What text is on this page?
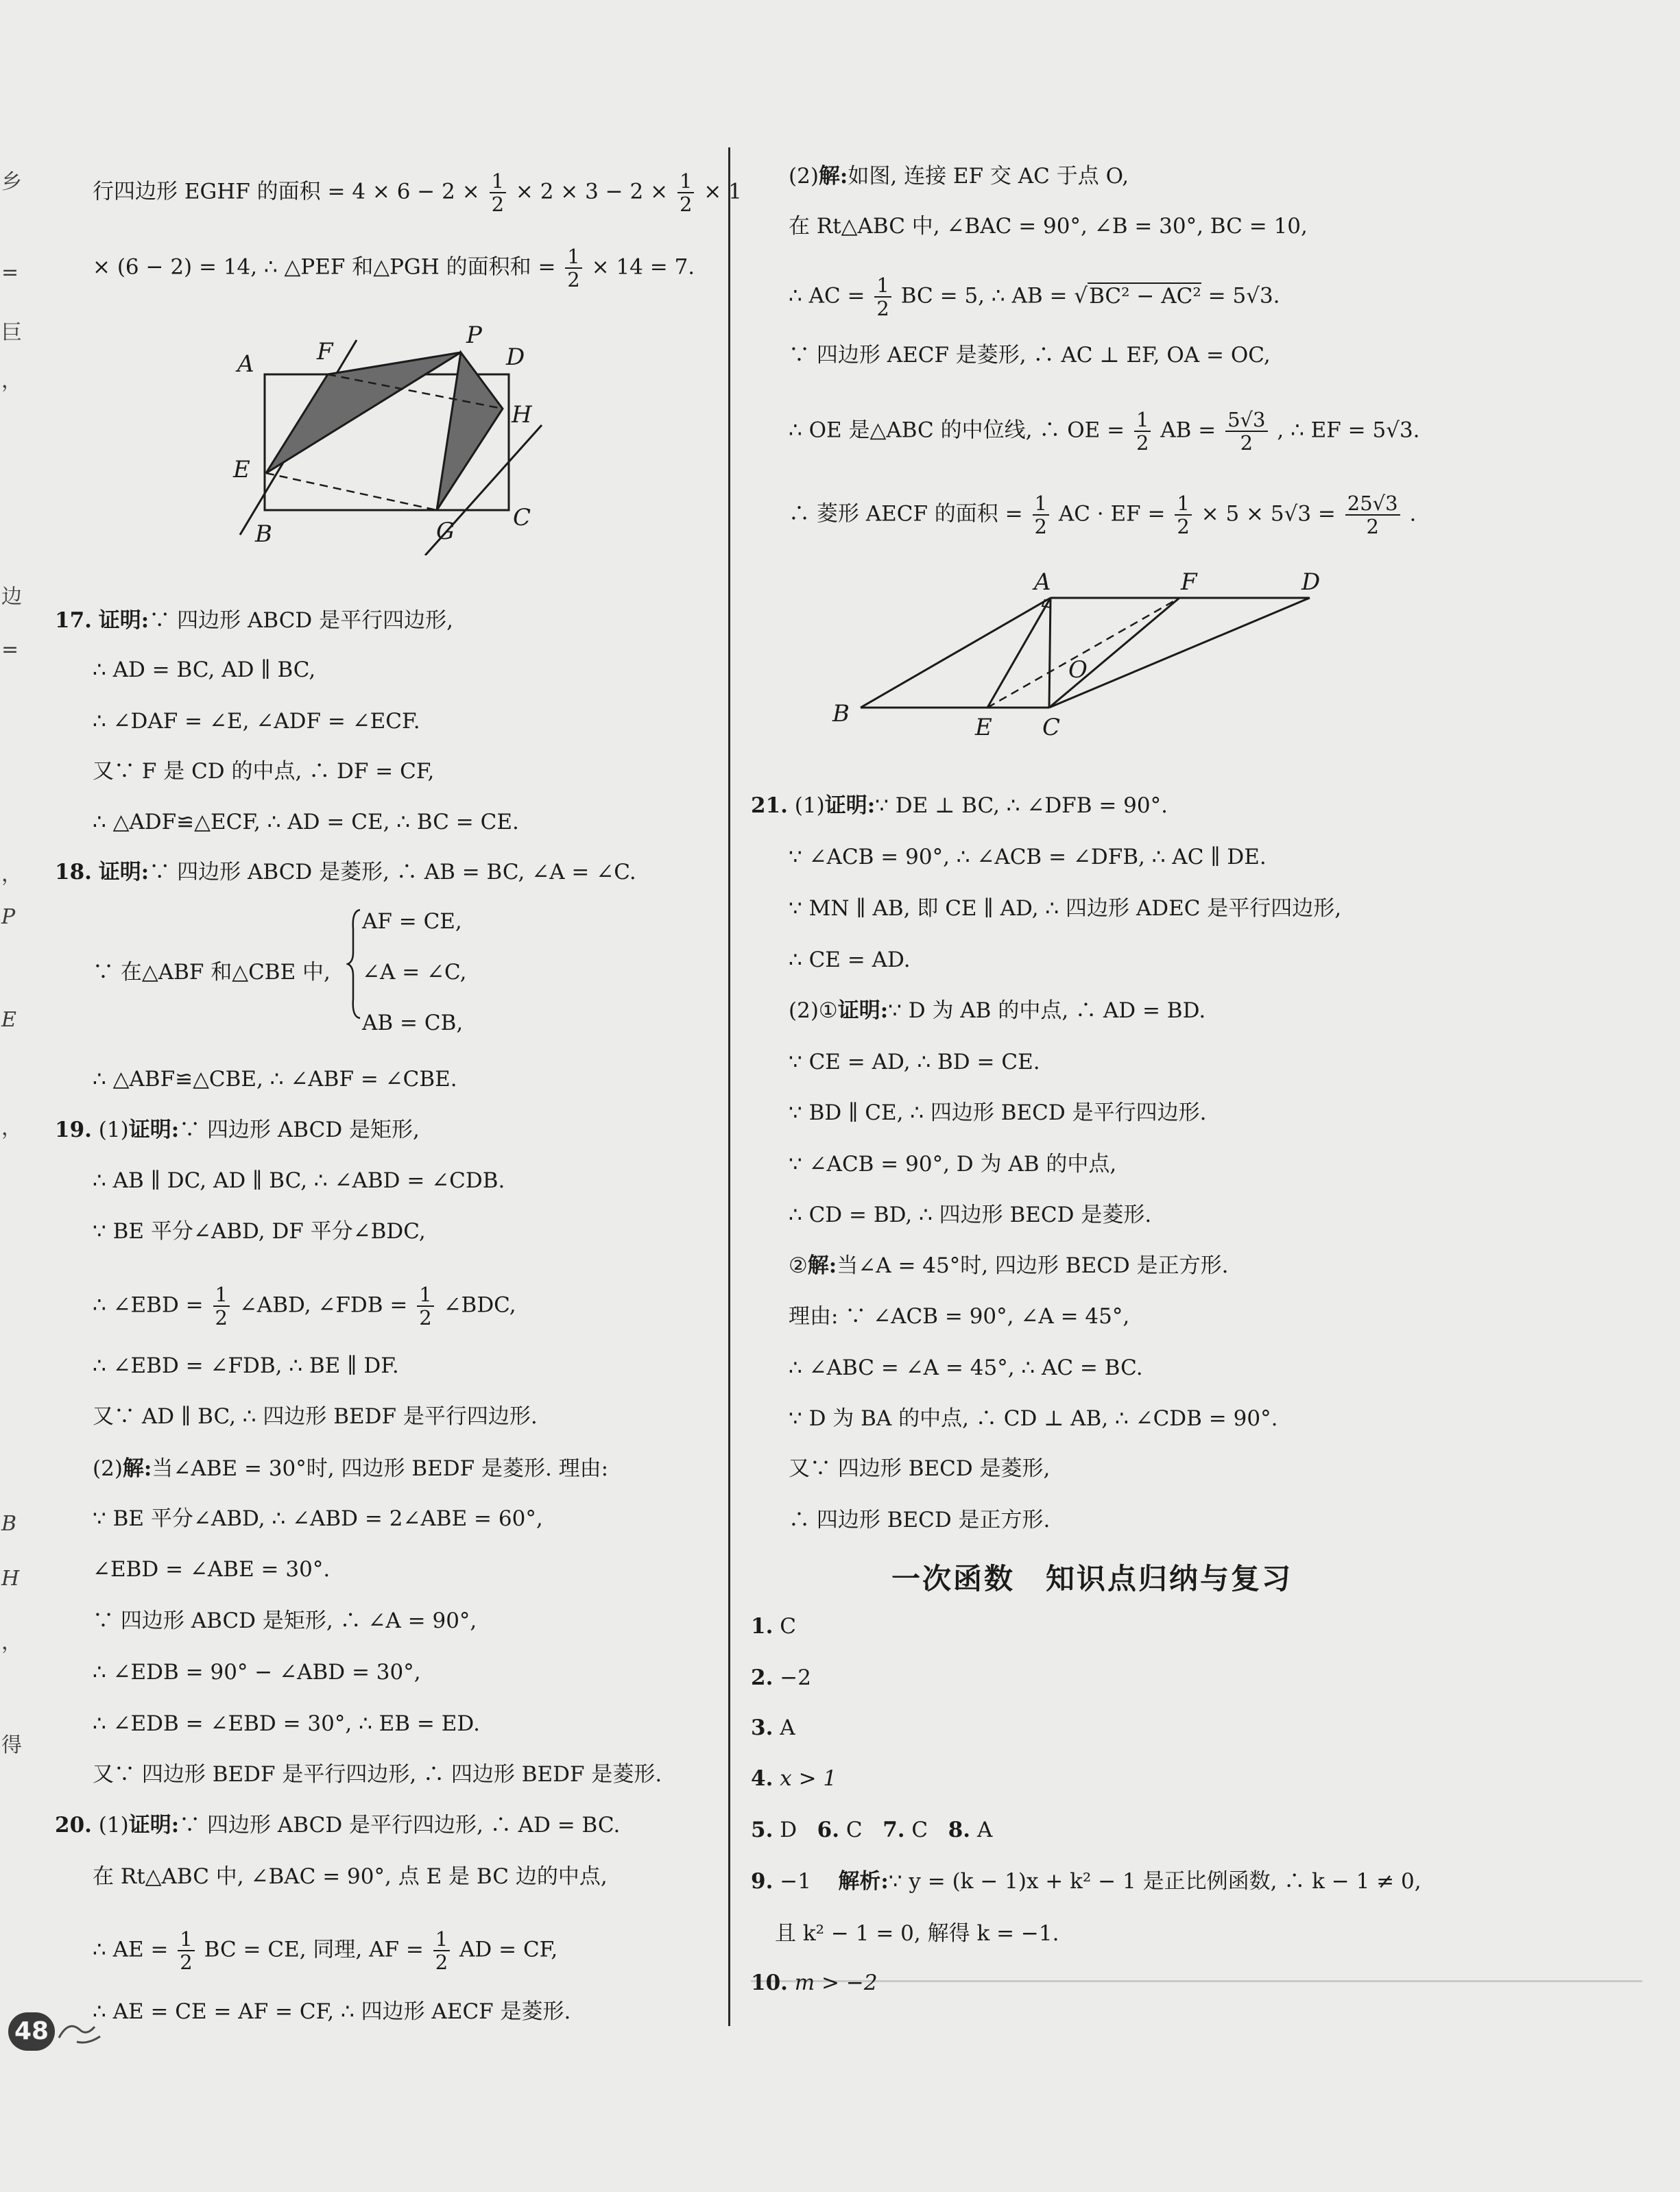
乡
=
巨
，
边
=
，
P
E
，
B
H
，
得
行四边形 EGHF 的面积 = $4 \times 6 - 2 \times \frac{1}{2} \times 2 \times 3 - 2 \times \frac{1}{2} \times 1$
× (6 − 2) = 14, ∴ △PEF 和△PGH 的面积和 = $\frac{1}{2} \times 14 = 7$.
A	F
P
D
H
E
B	G C
17. 证明:∵ 四边形 ABCD 是平行四边形,
∴ AD = BC, AD ∥ BC,
∴ ∠DAF = ∠E, ∠ADF = ∠ECF.
又∵ F 是 CD 的中点, ∴ DF = CF,
∴ △ADF≌△ECF, ∴ AD = CE, ∴ BC = CE.
18. 证明:∵ 四边形 ABCD 是菱形, ∴ AB = BC, ∠A = ∠C.
∵ 在△ABF 和△CBE 中,
AF = CE,
∠A = ∠C,
AB = CB,
∴ △ABF≌△CBE, ∴ ∠ABF = ∠CBE.
19. (1)证明:∵ 四边形 ABCD 是矩形,
∴ AB ∥ DC, AD ∥ BC, ∴ ∠ABD = ∠CDB.
∵ BE 平分∠ABD, DF 平分∠BDC,
∴ ∠EBD = $\frac{1}{2}$ ∠ABD, ∠FDB = $\frac{1}{2}$ ∠BDC,
∴ ∠EBD = ∠FDB, ∴ BE ∥ DF.
又∵ AD ∥ BC, ∴ 四边形 BEDF 是平行四边形.
(2)解:当∠ABE = 30°时, 四边形 BEDF 是菱形. 理由:
∵ BE 平分∠ABD, ∴ ∠ABD = 2∠ABE = 60°,
∠EBD = ∠ABE = 30°.
∵ 四边形 ABCD 是矩形, ∴ ∠A = 90°,
∴ ∠EDB = 90° − ∠ABD = 30°,
∴ ∠EDB = ∠EBD = 30°, ∴ EB = ED.
又∵ 四边形 BEDF 是平行四边形, ∴ 四边形 BEDF 是菱形.
20. (1)证明:∵ 四边形 ABCD 是平行四边形, ∴ AD = BC.
在 Rt△ABC 中, ∠BAC = 90°, 点 E 是 BC 边的中点,
∴ AE = $\frac{1}{2}$ BC = CE, 同理, AF = $\frac{1}{2}$ AD = CF,
∴ AE = CE = AF = CF, ∴ 四边形 AECF 是菱形.
48
(2)解:如图, 连接 EF 交 AC 于点 O,
在 Rt△ABC 中, ∠BAC = 90°, ∠B = 30°, BC = 10,
∴ AC = $\frac{1}{2}$ BC = 5, ∴ AB = √BC² − AC² = 5√3.
∵ 四边形 AECF 是菱形, ∴ AC ⊥ EF, OA = OC,
∴ OE 是△ABC 的中位线, ∴ OE = $\frac{1}{2}$ AB = $\frac{5√3}{2}$ , ∴ EF = 5√3.
∴ 菱形 AECF 的面积 = $\frac{1}{2}$ AC · EF = $\frac{1}{2} \times 5 \times 5√3 = \frac{25√3}{2}$ .
A	F	D
O
B	E C
21. (1)证明:∵ DE ⊥ BC, ∴ ∠DFB = 90°.
∵ ∠ACB = 90°, ∴ ∠ACB = ∠DFB, ∴ AC ∥ DE.
∵ MN ∥ AB, 即 CE ∥ AD, ∴ 四边形 ADEC 是平行四边形,
∴ CE = AD.
(2)①证明:∵ D 为 AB 的中点, ∴ AD = BD.
∵ CE = AD, ∴ BD = CE.
∵ BD ∥ CE, ∴ 四边形 BECD 是平行四边形.
∵ ∠ACB = 90°, D 为 AB 的中点,
∴ CD = BD, ∴ 四边形 BECD 是菱形.
②解:当∠A = 45°时, 四边形 BECD 是正方形.
理由: ∵ ∠ACB = 90°, ∠A = 45°,
∴ ∠ABC = ∠A = 45°, ∴ AC = BC.
∵ D 为 BA 的中点, ∴ CD ⊥ AB, ∴ ∠CDB = 90°.
又∵ 四边形 BECD 是菱形,
∴ 四边形 BECD 是正方形.
一次函数　知识点归纳与复习
1. C
2. −2
3. A
4. x > 1
5. D 6. C 7. C 8. A
9. −1 解析:∵ y = (k − 1)x + k² − 1 是正比例函数, ∴ k − 1 ≠ 0,
且 k² − 1 = 0, 解得 k = −1.
10. m > −2
